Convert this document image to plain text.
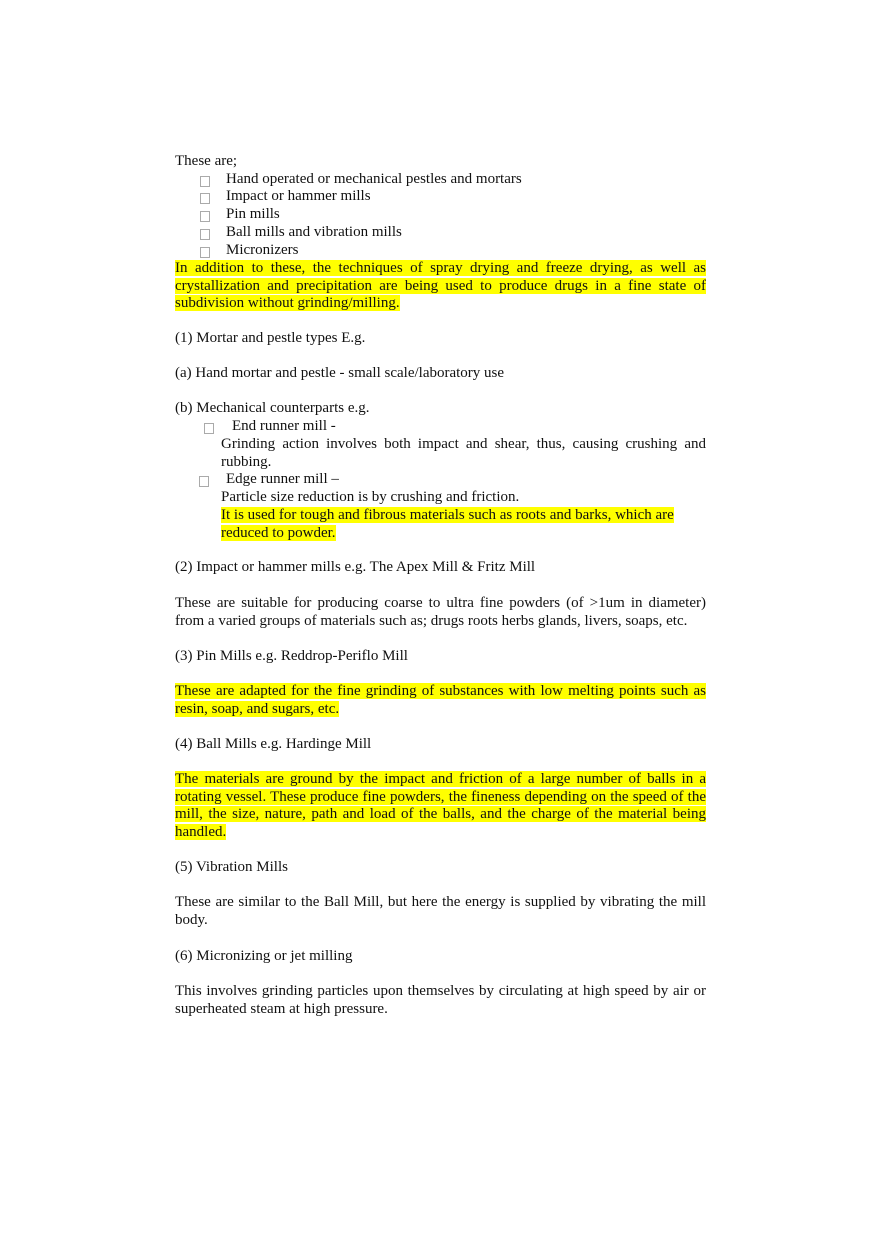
These are;
Hand operated or mechanical pestles and mortars
Impact or hammer mills
Pin mills
Ball mills and vibration mills
Micronizers
In addition to these, the techniques of spray drying and freeze drying, as well as crystallization and precipitation are being used to produce drugs in a fine state of subdivision without grinding/milling.
(1) Mortar and pestle types E.g.
(a) Hand mortar and pestle - small scale/laboratory use
(b) Mechanical counterparts e.g.
End runner mill -
Grinding action involves both impact and shear, thus, causing crushing and rubbing.
Edge runner mill –
Particle size reduction is by crushing and friction.
It is used for tough and fibrous materials such as roots and barks, which are reduced to powder.
(2) Impact or hammer mills e.g. The Apex Mill & Fritz Mill
These are suitable for producing coarse to ultra fine powders (of >1um in diameter) from a varied groups of materials such as; drugs roots herbs glands, livers, soaps, etc.
(3) Pin Mills e.g. Reddrop-Periflo Mill
These are adapted for the fine grinding of substances with low melting points such as resin, soap, and sugars, etc.
(4) Ball Mills e.g. Hardinge Mill
The materials are ground by the impact and friction of a large number of balls in a rotating vessel. These produce fine powders, the fineness depending on the speed of the mill, the size, nature, path and load of the balls, and the charge of the material being handled.
(5) Vibration Mills
These are similar to the Ball Mill, but here the energy is supplied by vibrating the mill body.
(6) Micronizing or jet milling
This involves grinding particles upon themselves by circulating at high speed by air or superheated steam at high pressure.
